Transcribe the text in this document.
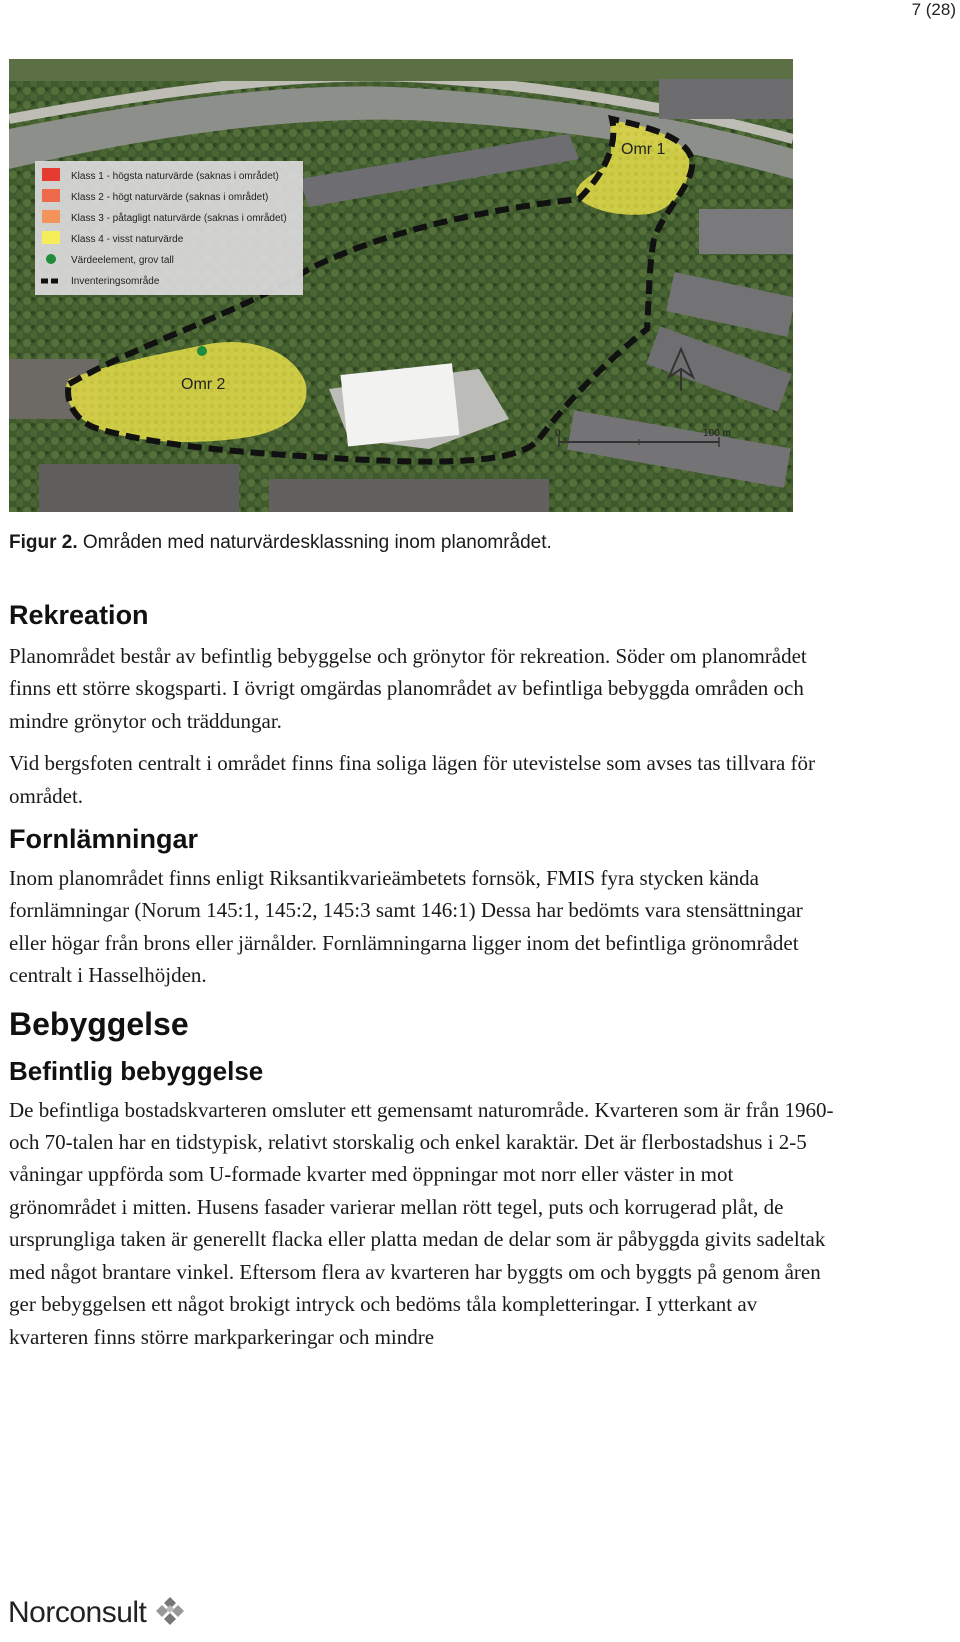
7 (28)
Omr 1
Omr 2
Klass 1 - högsta naturvärde (saknas i området)
Klass 2 - högt naturvärde (saknas i området)
Klass 3 - påtagligt naturvärde (saknas i området)
Klass 4 - visst naturvärde
Värdeelement, grov tall
Inventeringsområde
0	100 m
Figur 2. Områden med naturvärdesklassning inom planområdet.
Rekreation

Planområdet består av befintlig bebyggelse och grönytor för rekreation. Söder om planområdet finns ett större skogsparti. I övrigt omgärdas planområdet av befintliga bebyggda områden och mindre grönytor och träddungar.

Vid bergsfoten centralt i området finns fina soliga lägen för utevistelse som avses tas tillvara för området.

Fornlämningar

Inom planområdet finns enligt Riksantikvarieämbetets fornsök, FMIS fyra stycken kända fornlämningar (Norum 145:1, 145:2, 145:3 samt 146:1) Dessa har bedömts vara stensättningar eller högar från brons eller järnålder. Fornlämningarna ligger inom det befintliga grönområdet centralt i Hasselhöjden.

Bebyggelse
Befintlig bebyggelse

De befintliga bostadskvarteren omsluter ett gemensamt naturområde. Kvarteren som är från 1960- och 70-talen har en tidstypisk, relativt storskalig och enkel karaktär. Det är flerbostadshus i 2-5 våningar uppförda som U-formade kvarter med öppningar mot norr eller väster in mot grönområdet i mitten. Husens fasader varierar mellan rött tegel, puts och korrugerad plåt, de ursprungliga taken är generellt flacka eller platta medan de delar som är påbyggda givits sadeltak med något brantare vinkel. Eftersom flera av kvarteren har byggts om och byggts på genom åren ger bebyggelsen ett något brokigt intryck och bedöms tåla kompletteringar. I ytterkant av kvarteren finns större markparkeringar och mindre

Norconsult
